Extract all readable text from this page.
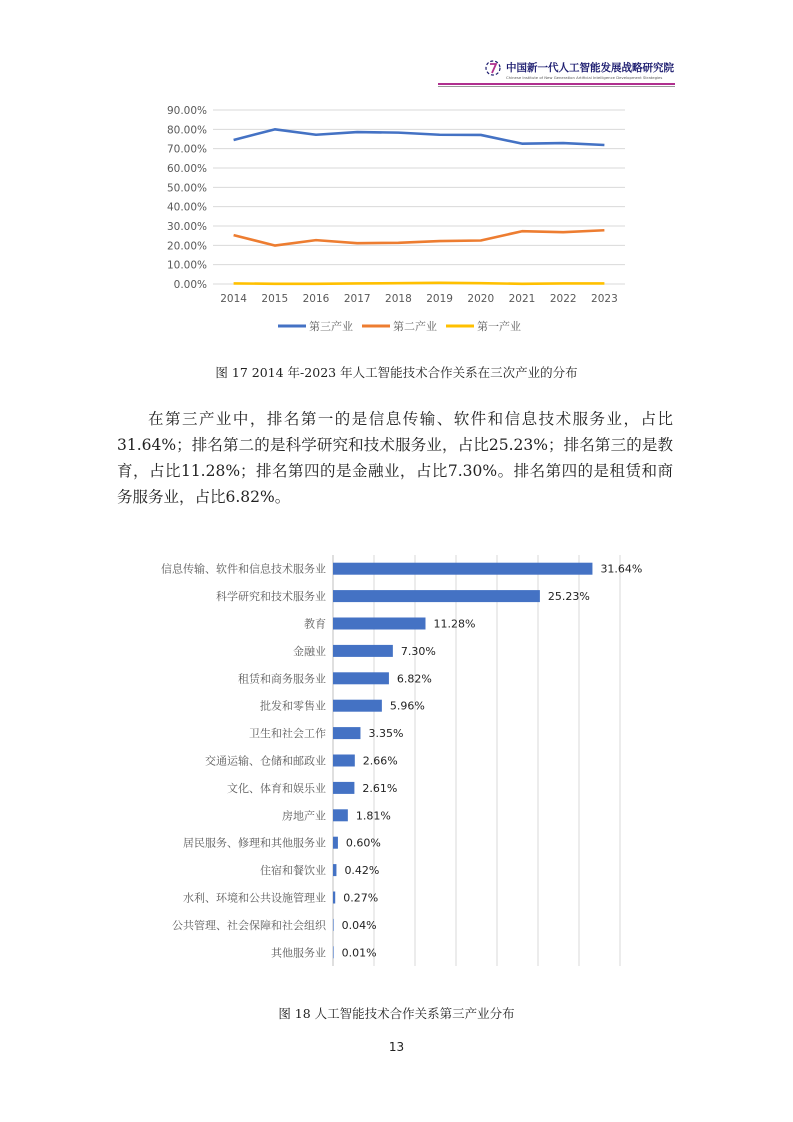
中国新一代人工智能发展战略研究院
Chinese Institute of New Generation Artificial Intelligence Development Strategies
0.00%
10.00%
20.00%
30.00%
40.00%
50.00%
60.00%
70.00%
80.00%
90.00%
2014 2015 2016 2017 2018 2019 2020 2021 2022 2023
第三产业	第二产业	第一产业
图 17 2014 年-2023 年人工智能技术合作关系在三次产业的分布

在第三产业中，排名第一的是信息传输、软件和信息技术服务业，占比31.64%；排名第二的是科学研究和技术服务业，占比25.23%；排名第三的是教育，占比11.28%；排名第四的是金融业，占比7.30%。排名第四的是租赁和商务服务业，占比6.82%。

信息传输、软件和信息技术服务业	31.64%
科学研究和技术服务业	25.23%
教育	11.28%
金融业	7.30%
租赁和商务服务业	6.82%
批发和零售业	5.96%
卫生和社会工作	3.35%
交通运输、仓储和邮政业	2.66%
文化、体育和娱乐业	2.61%
房地产业	1.81%
居民服务、修理和其他服务业 0.60%
住宿和餐饮业 0.42%
水利、环境和公共设施管理业 0.27%
公共管理、社会保障和社会组织 0.04%
其他服务业 0.01%
图 18 人工智能技术合作关系第三产业分布
13
